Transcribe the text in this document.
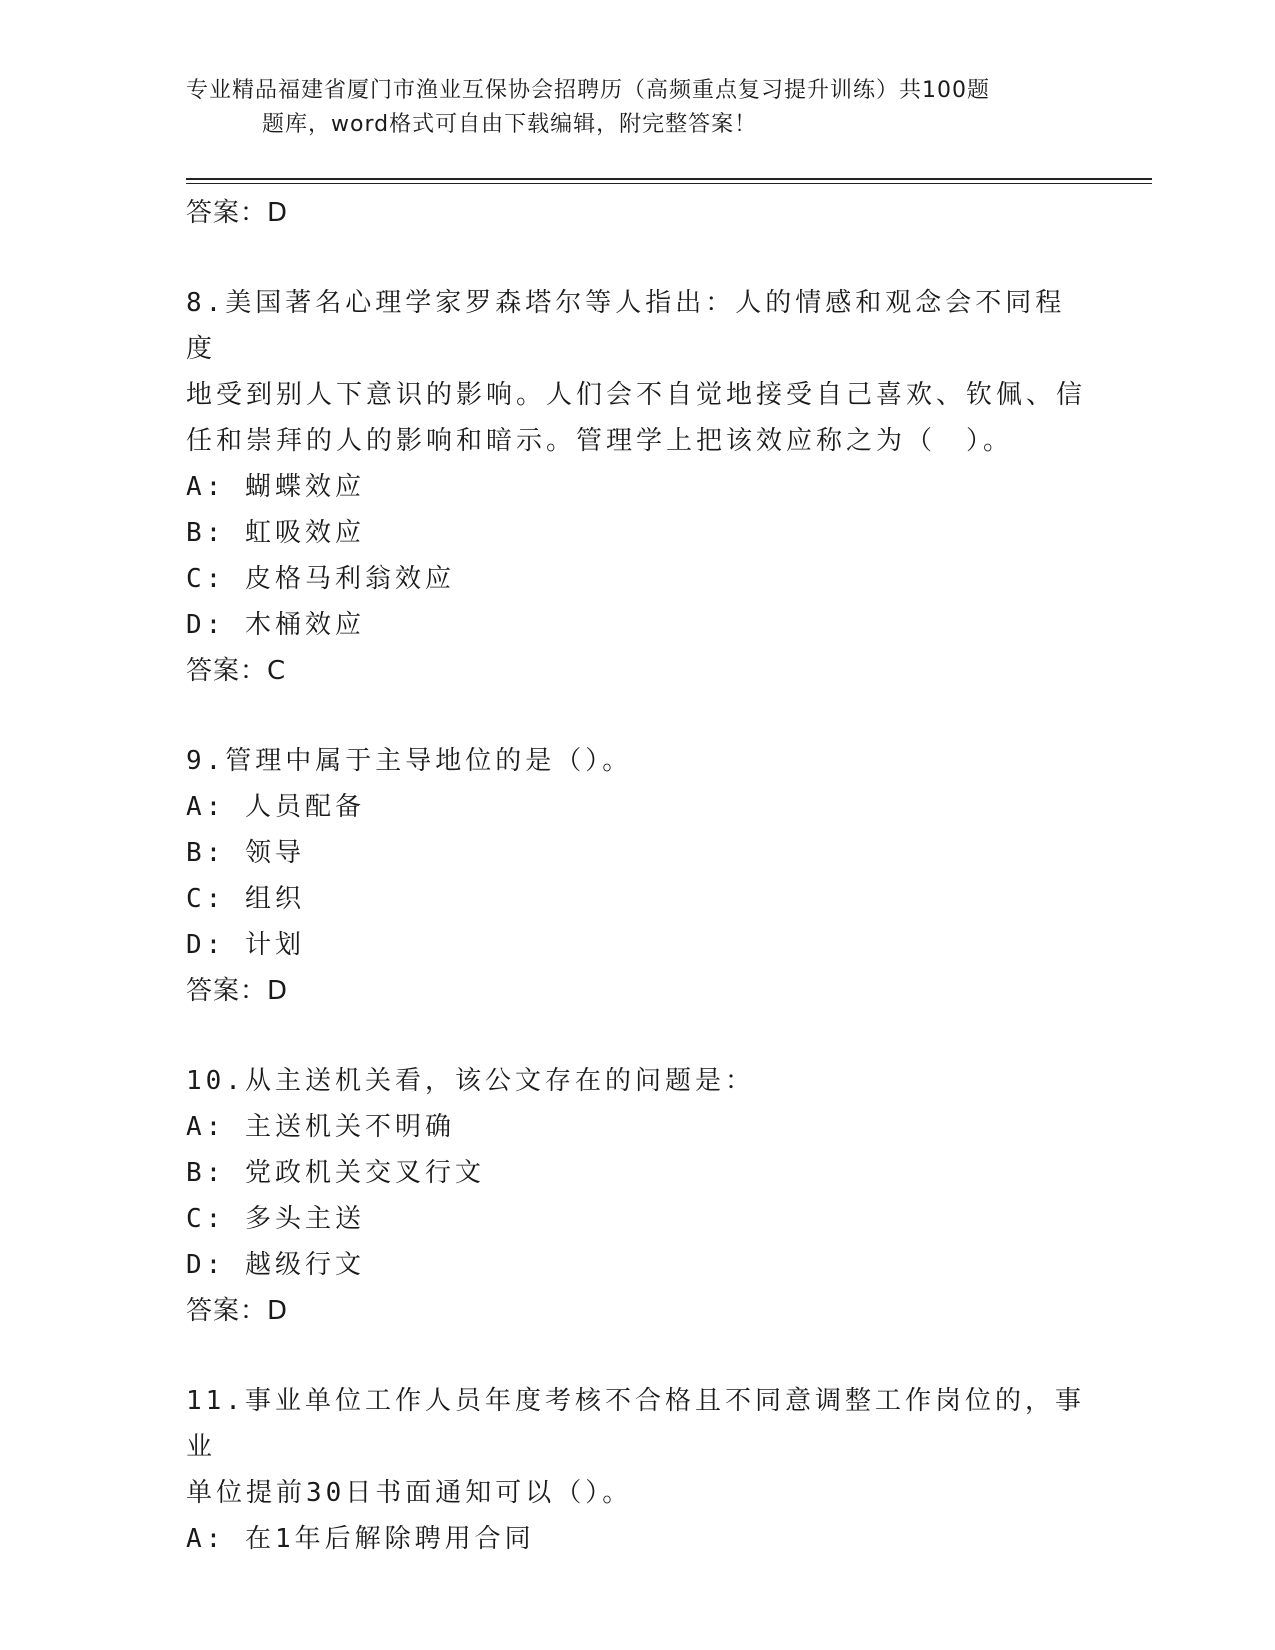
专业精品福建省厦门市渔业互保协会招聘历（高频重点复习提升训练）共100题
题库，word格式可自由下载编辑，附完整答案！
答案：D
8.美国著名心理学家罗森塔尔等人指出：人的情感和观念会不同程度
地受到别人下意识的影响。人们会不自觉地接受自己喜欢、钦佩、信
任和崇拜的人的影响和暗示。管理学上把该效应称之为（　）。
A: 蝴蝶效应
B: 虹吸效应
C: 皮格马利翁效应
D: 木桶效应
答案：C
9.管理中属于主导地位的是（）。
A: 人员配备
B: 领导
C: 组织
D: 计划
答案：D
10.从主送机关看，该公文存在的问题是：
A: 主送机关不明确
B: 党政机关交叉行文
C: 多头主送
D: 越级行文
答案：D
11.事业单位工作人员年度考核不合格且不同意调整工作岗位的，事业
单位提前30日书面通知可以（）。
A: 在1年后解除聘用合同
